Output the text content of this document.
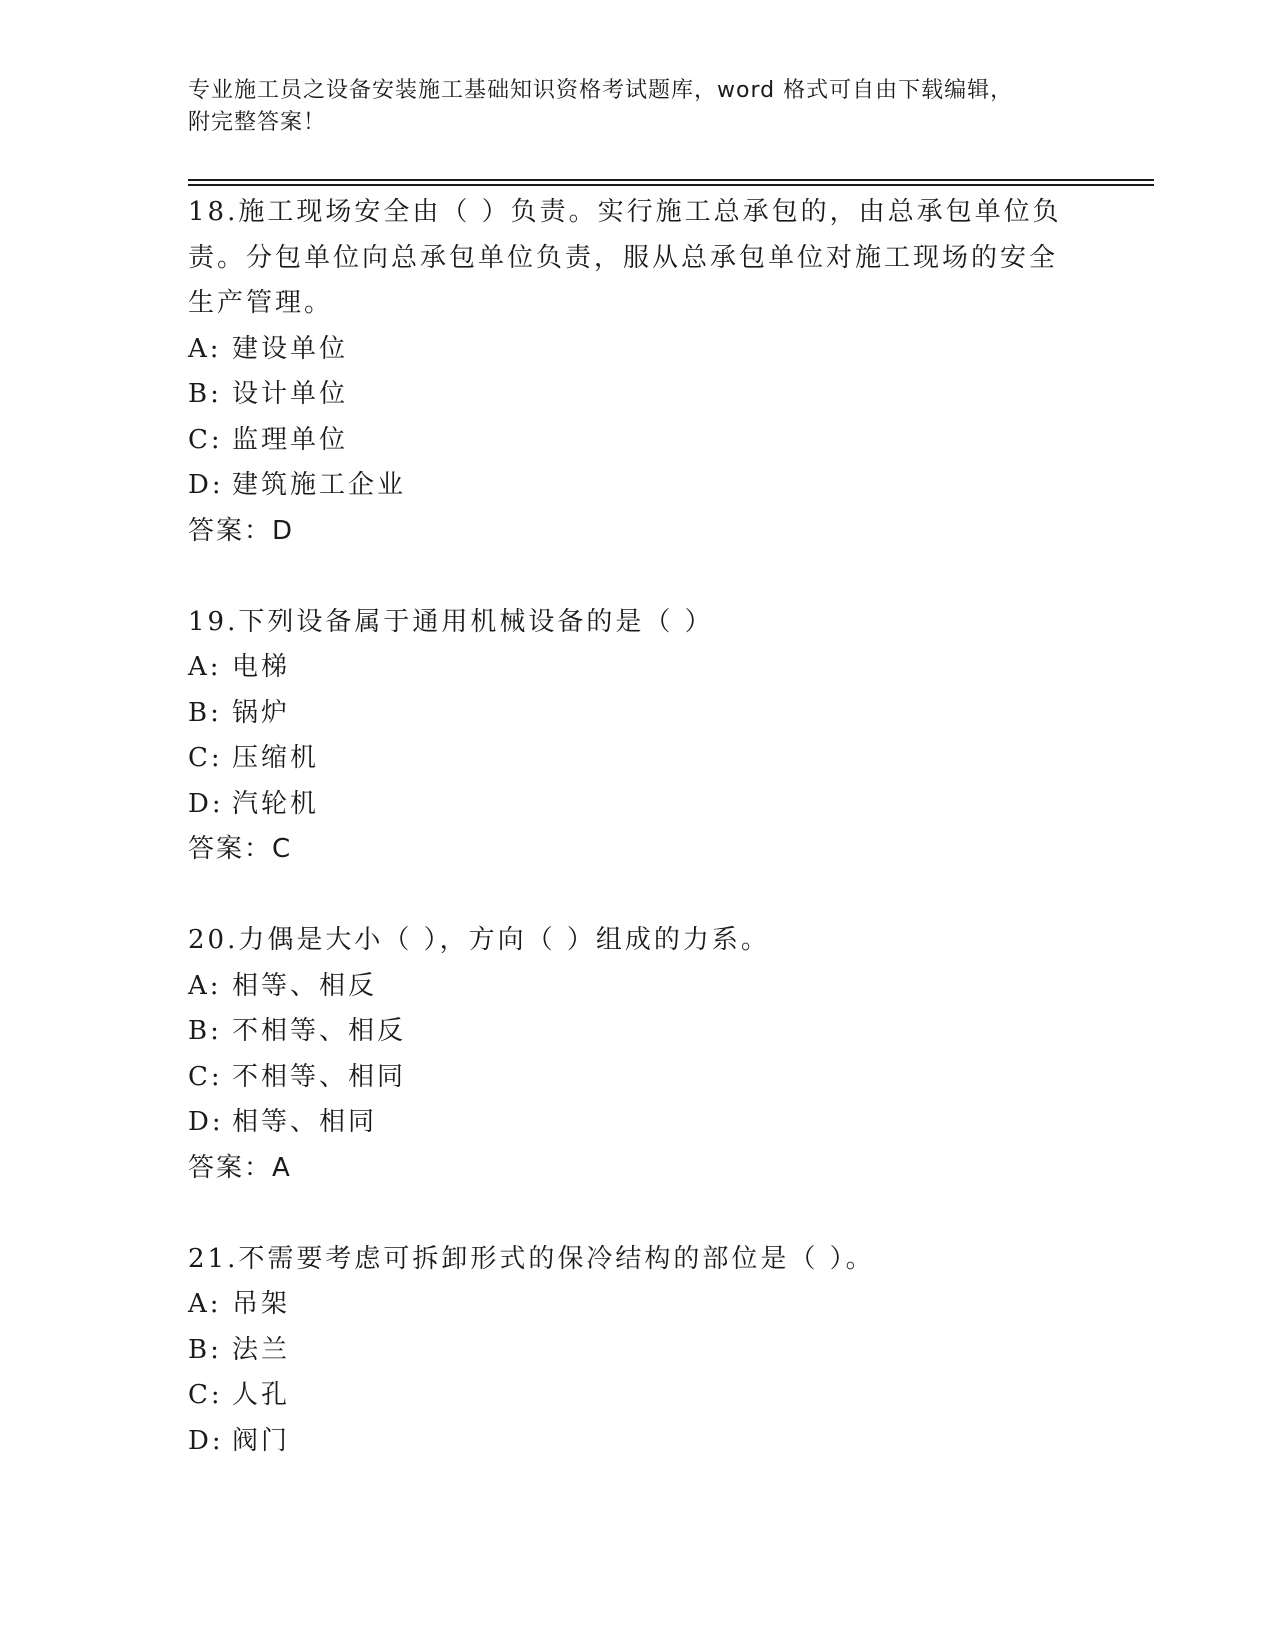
专业施工员之设备安装施工基础知识资格考试题库，word 格式可自由下载编辑，
附完整答案！
18.施工现场安全由（ ）负责。实行施工总承包的，由总承包单位负
责。分包单位向总承包单位负责，服从总承包单位对施工现场的安全
生产管理。
A: 建设单位
B: 设计单位
C: 监理单位
D: 建筑施工企业
答案：D
19.下列设备属于通用机械设备的是（ ）
A: 电梯
B: 锅炉
C: 压缩机
D: 汽轮机
答案：C
20.力偶是大小（ ），方向（ ）组成的力系。
A: 相等、相反
B: 不相等、相反
C: 不相等、相同
D: 相等、相同
答案：A
21.不需要考虑可拆卸形式的保冷结构的部位是（ ）。
A: 吊架
B: 法兰
C: 人孔
D: 阀门
